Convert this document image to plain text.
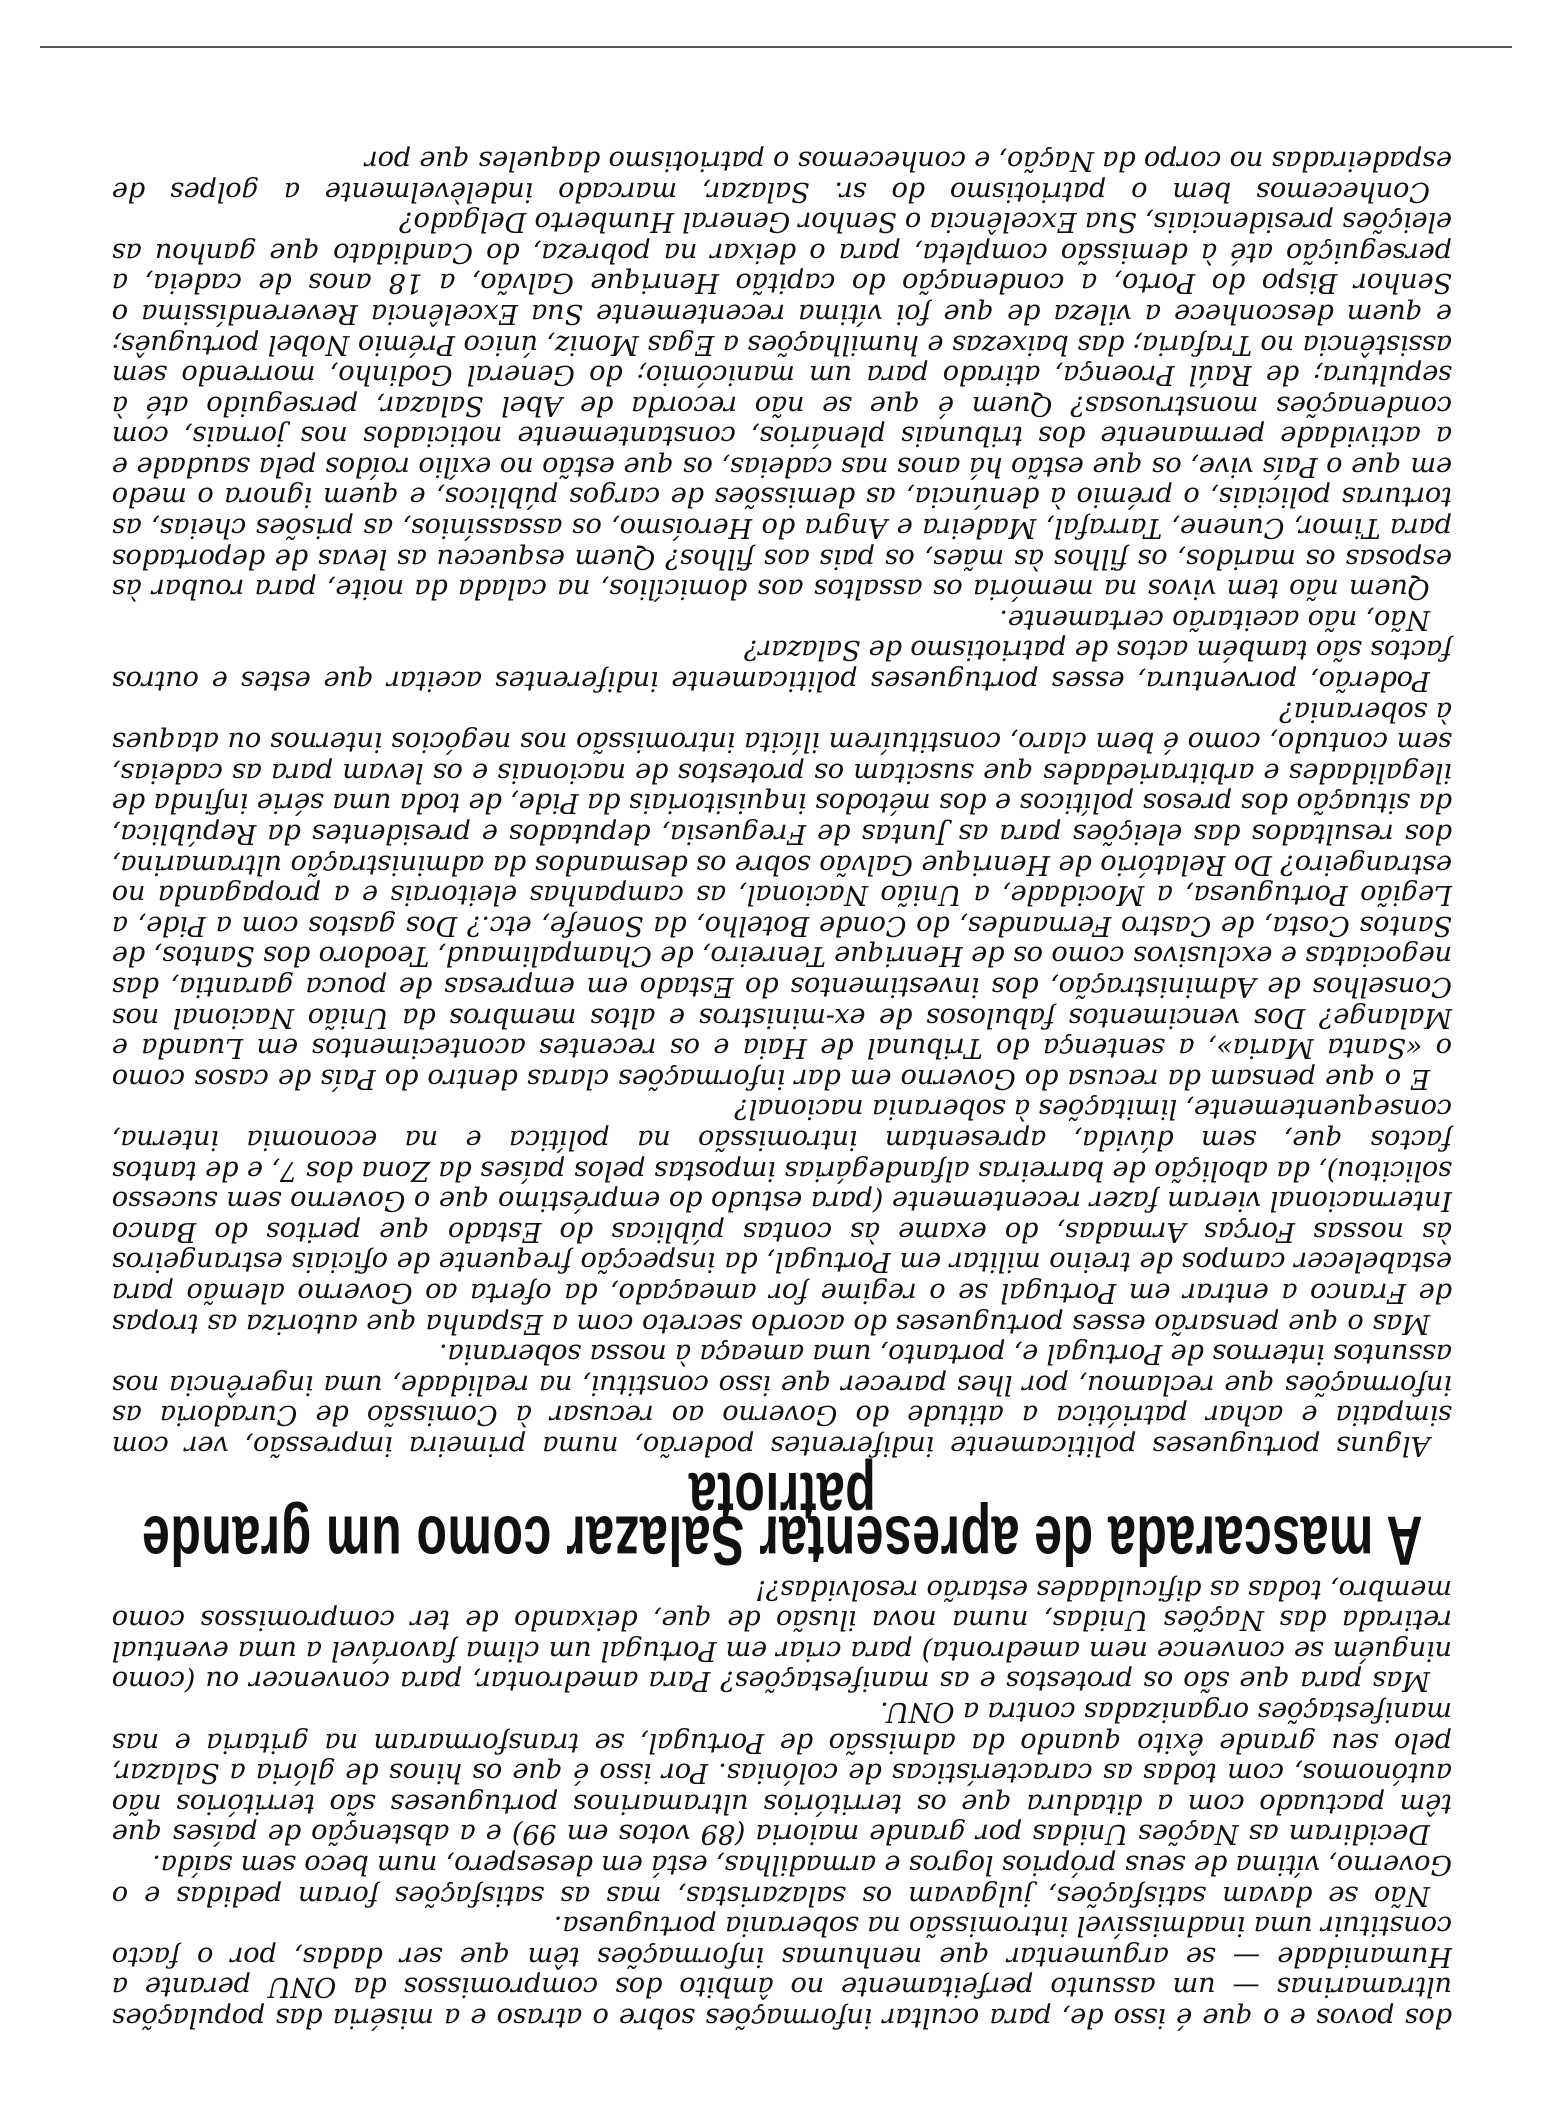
dos povos e o que é isso de, para ocultar informações sobre o atraso e a miséria das populações ultramarinas — um assunto perfeitamente no âmbito dos compromissos da ONU perante a Humanidade — se argumentar que nenhumas informações têm que ser dadas, por o facto constituir uma inadmissível intromissão na soberania portuguesa.

Não se davam satisfações, julgavam os salazaristas, mas as satisfações foram pedidas e o Governo, vítima de seus próprios logros e armadilhas, está em desespero, num beco sem saída.

Decidiram as Nações Unidas por grande maioria (89 votos em 99) e a abstenção de países que têm pactuado com a ditadura que os territórios ultramarinos portugueses são territórios não autónomos, com todas as características de colónias. Por isso é que os hinos de glória a Salazar, pelo seu grande êxito quando da admissão de Portugal, se transformaram na gritaria e nas manifestações organizadas contra a ONU.

Mas para que são os protestos e as manifestações? Para amedrontar, para convencer ou (como ninguém se convence nem amedronta) para criar em Portugal um clima favorável a uma eventual retirada das Nações Unidas, numa nova ilusão de que, deixando de ter compromissos como membro, todas as dificuldades estarão resolvidas?!

A mascarada de apresentar Salazar como um grande patriota

Alguns portugueses politicamente indiferentes poderão, numa primeira impressão, ver com simpatia e achar patriótica a atitude do Governo ao recusar à Comissão de Curadoria as informações que reclamou, por lhes parecer que isso constitui, na realidade, uma ingerência nos assuntos internos de Portugal e, portanto, uma ameaça à nossa soberania.

Mas o que pensarão esses portugueses do acordo secreto com a Espanha que autoriza as tropas de Franco a entrar em Portugal se o regime for ameaçado, da oferta ao Governo alemão para estabelecer campos de treino militar em Portugal, da inspecção frequente de oficiais estrangeiros às nossas Forças Armadas, do exame às contas públicas do Estado que peritos do Banco Internacional vieram fazer recentemente (para estudo do empréstimo que o Governo sem sucesso solicitou), da abolição de barreiras alfandegárias impostas pelos países da Zona dos 7, e de tantos factos que, sem dúvida, apresentam intromissão na política e na economia interna, consequentemente, limitações à soberania nacional?

E o que pensam da recusa do Governo em dar informações claras dentro do País de casos como o «Santa Maria», a sentença do Tribunal de Haia e os recentes acontecimentos em Luanda e Malange? Dos vencimentos fabulosos de ex-ministros e altos membros da União Nacional nos Conselhos de Administração, dos investimentos do Estado em empresas de pouca garantia, das negociatas e exclusivos como os de Henrique Tenreiro, de Champalimaud, Teodoro dos Santos, de Santos Costa, de Castro Fernandes, do Conde Botelho, da Sonefe, etc.? Dos gastos com a Pide, a Legião Portuguesa, a Mocidade, a União Nacional, as campanhas eleitorais e a propaganda no estrangeiro? Do Relatório de Henrique Galvão sobre os desmandos da administração ultramarina, dos resultados das eleições para as Juntas de Freguesia, deputados e presidentes da República, da situação dos presos políticos e dos métodos inquisitoriais da Pide, de toda uma série infinda de ilegalidades e arbitrariedades que suscitam os protestos de nacionais e os levam para as cadeias, sem contudo, como é bem claro, constituírem ilícita intromissão nos negócios internos ou ataques à soberania?

Poderão, porventura, esses portugueses politicamente indiferentes aceitar que estes e outros factos são também actos de patriotismo de Salazar?

Não, não aceitarão certamente.

Quem não tem vivos na memória os assaltos aos domicílios, na calada da noite, para roubar às esposas os maridos, os filhos às mães, os pais aos filhos? Quem esqueceu as levas de deportados para Timor, Cunene, Tarrafal, Madeira e Angra do Heroísmo, os assassínios, as prisões cheias, as torturas policiais, o prémio à denúncia, as demissões de cargos públicos, e quem ignora o medo em que o País vive, os que estão há anos nas cadeias, os que estão no exílio roídos pela saudade e a actividade permanente dos tribunais plenários, constantemente noticiados nos jornais, com condenações monstruosas? Quem é que se não recorda de Abel Salazar, perseguido até à sepultura; de Raúl Proença, atirado para um manicómio; do General Godinho, morrendo sem assistência no Trafaria; das baixezas e humilhações a Egas Moniz, único Prémio Nobel português; e quem desconhece a vileza de que foi vítima recentemente Sua Excelência Reverendíssima o Senhor Bispo do Porto, a condenação do capitão Henrique Galvão, a 18 anos de cadeia, a perseguição até à demissão completa, para o deixar na pobreza, do Candidato que ganhou as eleições presidenciais, Sua Excelência o Senhor General Humberto Delgado?

Conhecemos bem o patriotismo do sr. Salazar, marcado indelèvelmente a golpes de espadeiradas no corpo da Nação, e conhecemos o patriotismo daqueles que por
